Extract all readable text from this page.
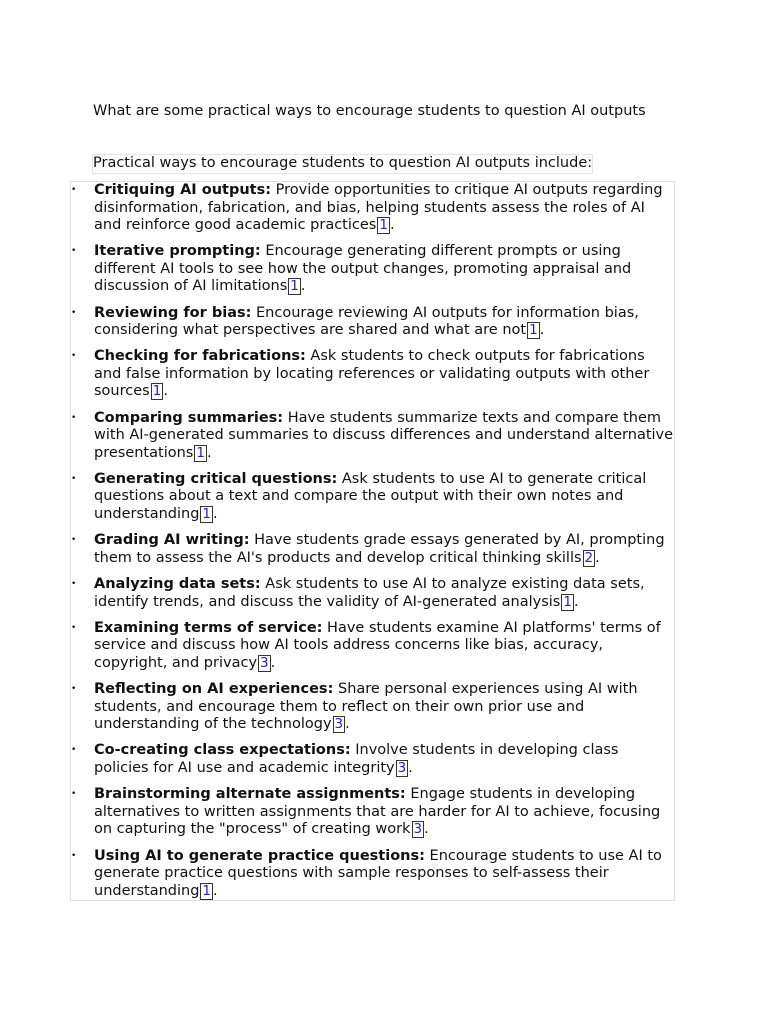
What are some practical ways to encourage students to question AI outputs
Practical ways to encourage students to question AI outputs include:
• Critiquing AI outputs: Provide opportunities to critique AI outputs regarding disinformation, fabrication, and bias, helping students assess the roles of AI and reinforce good academic practices 1 .
• Iterative prompting: Encourage generating different prompts or using different AI tools to see how the output changes, promoting appraisal and discussion of AI limitations 1 .
• Reviewing for bias: Encourage reviewing AI outputs for information bias, considering what perspectives are shared and what are not 1 .
• Checking for fabrications: Ask students to check outputs for fabrications and false information by locating references or validating outputs with other sources 1 .
• Comparing summaries: Have students summarize texts and compare them with AI-generated summaries to discuss differences and understand alternative presentations 1 .
• Generating critical questions: Ask students to use AI to generate critical questions about a text and compare the output with their own notes and understanding 1 .
• Grading AI writing: Have students grade essays generated by AI, prompting them to assess the AI's products and develop critical thinking skills 2 .
• Analyzing data sets: Ask students to use AI to analyze existing data sets, identify trends, and discuss the validity of AI-generated analysis 1 .
• Examining terms of service: Have students examine AI platforms' terms of service and discuss how AI tools address concerns like bias, accuracy, copyright, and privacy 3 .
• Reflecting on AI experiences: Share personal experiences using AI with students, and encourage them to reflect on their own prior use and understanding of the technology 3 .
• Co-creating class expectations: Involve students in developing class policies for AI use and academic integrity 3 .
• Brainstorming alternate assignments: Engage students in developing alternatives to written assignments that are harder for AI to achieve, focusing on capturing the "process" of creating work 3 .
• Using AI to generate practice questions: Encourage students to use AI to generate practice questions with sample responses to self-assess their understanding 1 .
